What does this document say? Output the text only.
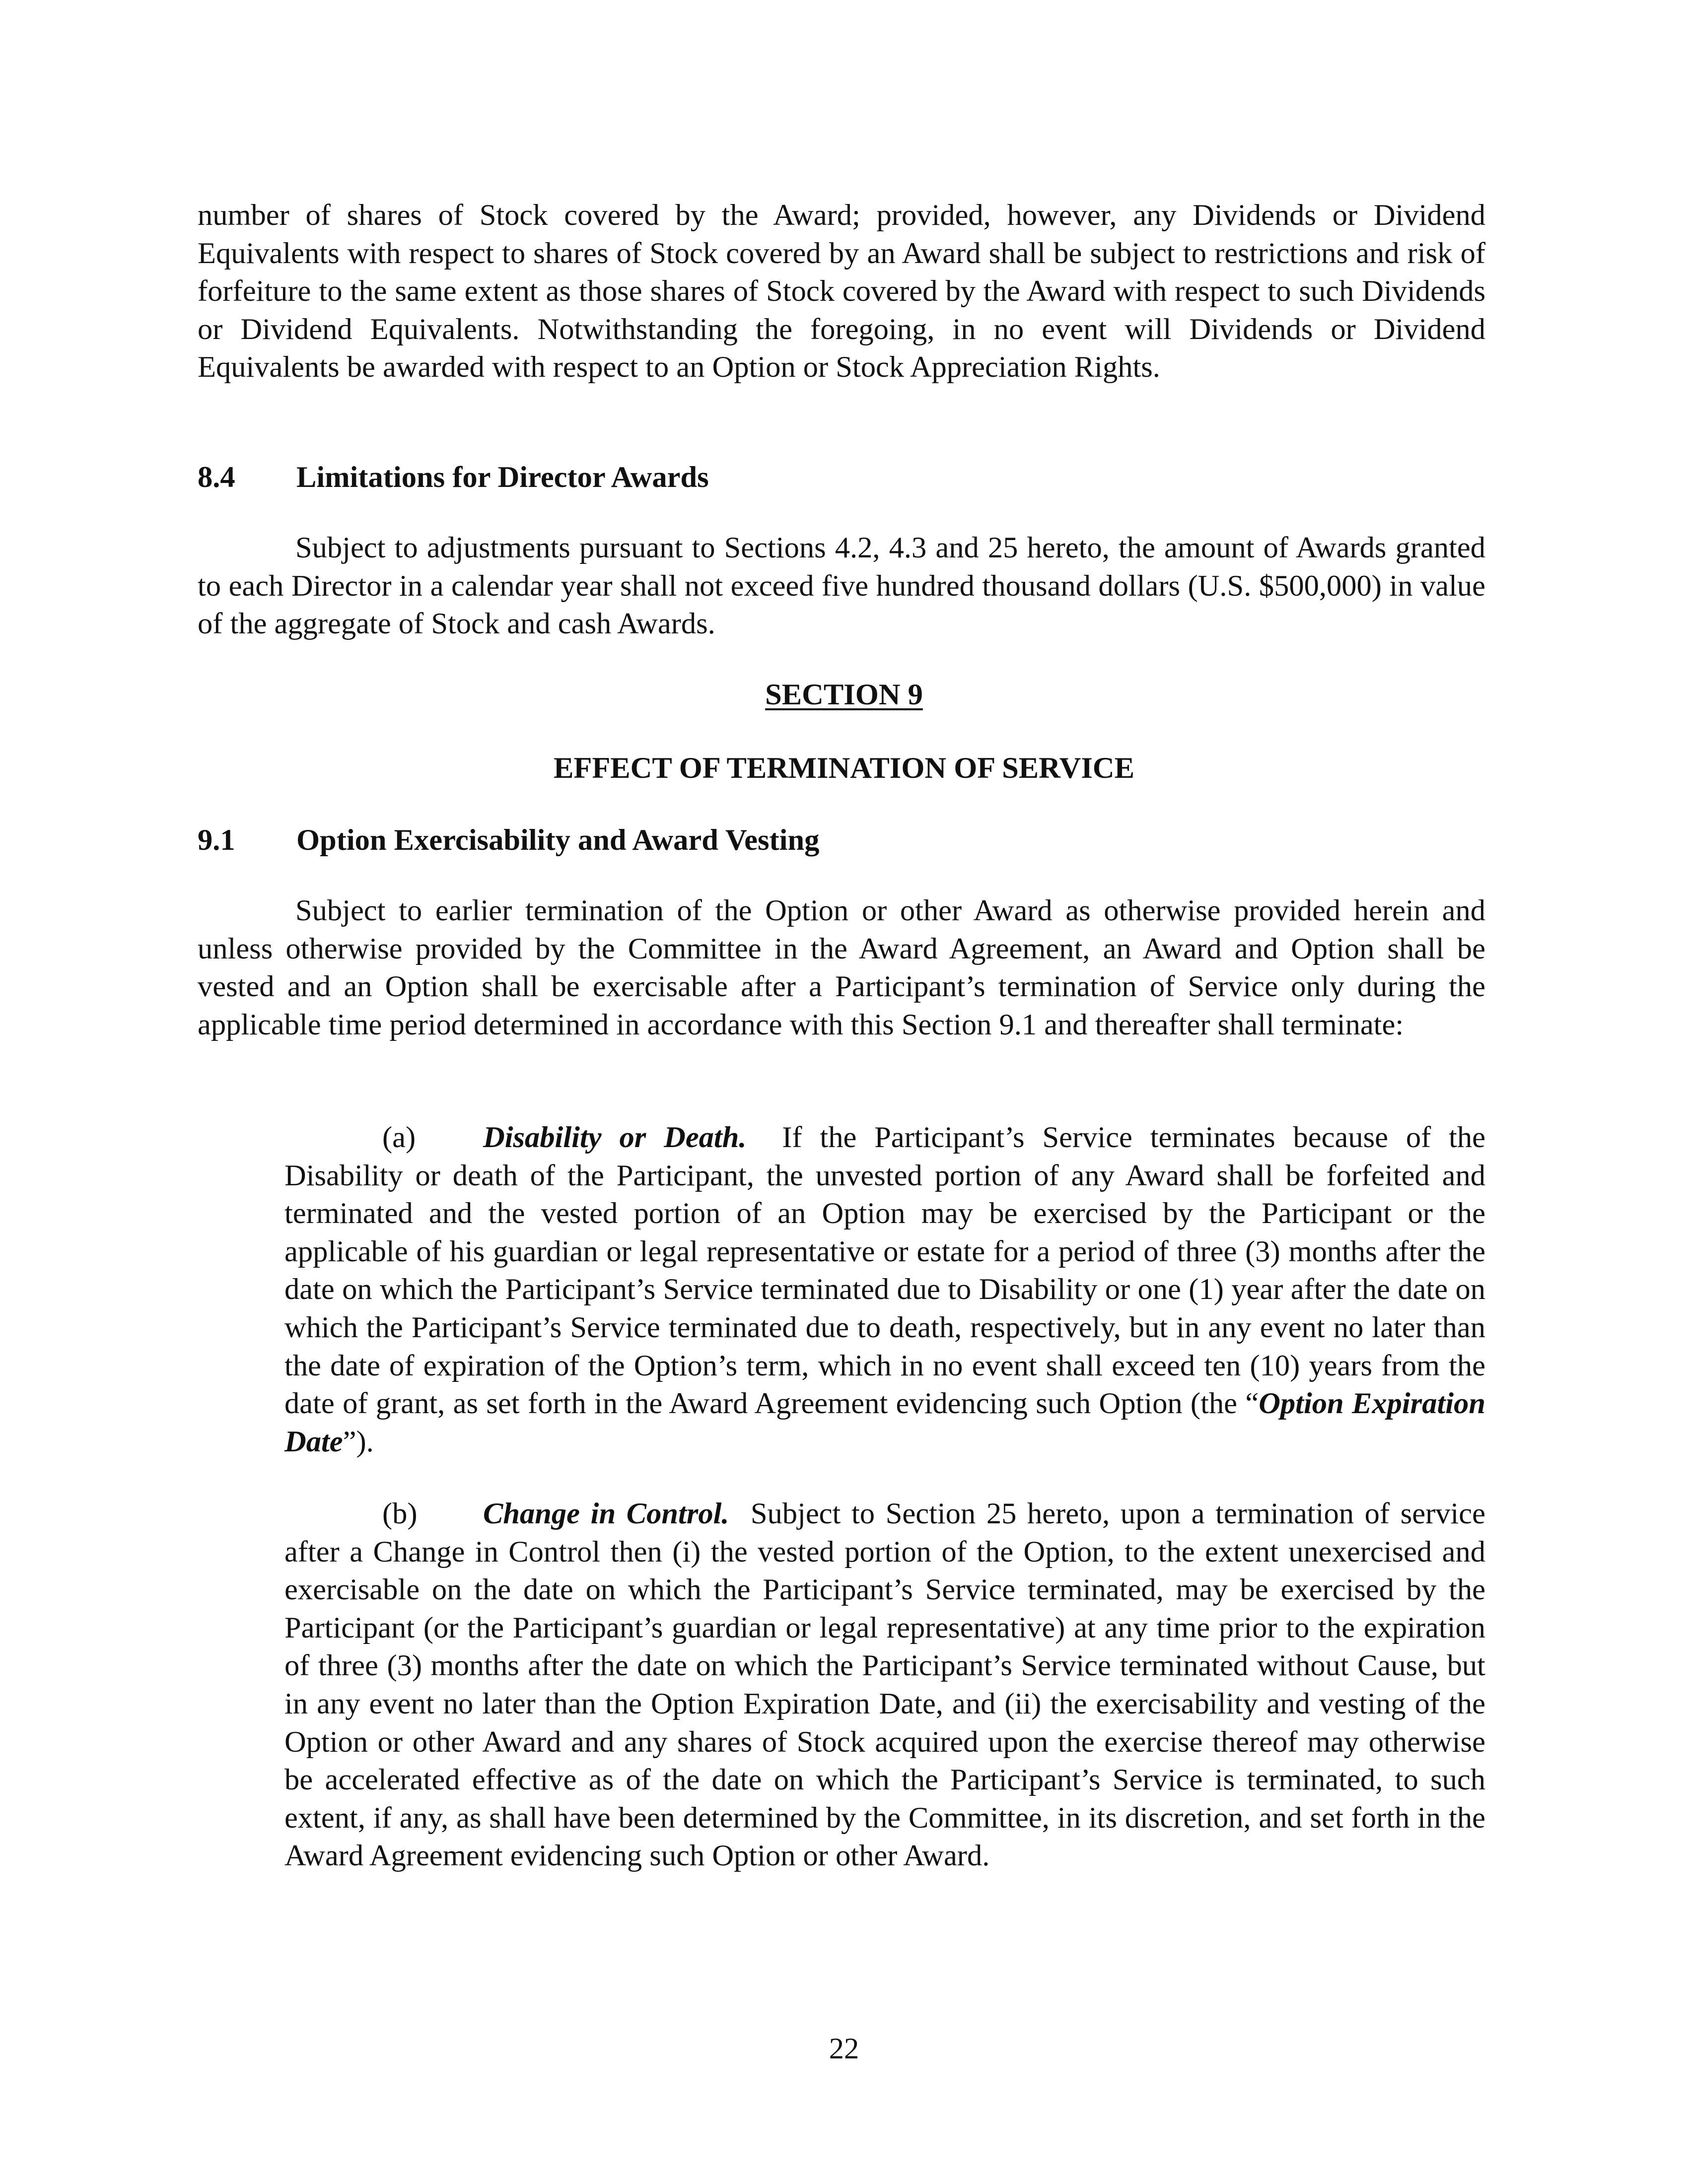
number of shares of Stock covered by the Award; provided, however, any Dividends or Dividend Equivalents with respect to shares of Stock covered by an Award shall be subject to restrictions and risk of forfeiture to the same extent as those shares of Stock covered by the Award with respect to such Dividends or Dividend Equivalents. Notwithstanding the foregoing, in no event will Dividends or Dividend Equivalents be awarded with respect to an Option or Stock Appreciation Rights.

8.4 Limitations for Director Awards

Subject to adjustments pursuant to Sections 4.2, 4.3 and 25 hereto, the amount of Awards granted to each Director in a calendar year shall not exceed five hundred thousand dollars (U.S. $500,000) in value of the aggregate of Stock and cash Awards.

SECTION 9
EFFECT OF TERMINATION OF SERVICE
9.1 Option Exercisability and Award Vesting

Subject to earlier termination of the Option or other Award as otherwise provided herein and unless otherwise provided by the Committee in the Award Agreement, an Award and Option shall be vested and an Option shall be exercisable after a Participant’s termination of Service only during the applicable time period determined in accordance with this Section 9.1 and thereafter shall terminate:

(a) Disability or Death. If the Participant’s Service terminates because of the Disability or death of the Participant, the unvested portion of any Award shall be forfeited and terminated and the vested portion of an Option may be exercised by the Participant or the applicable of his guardian or legal representative or estate for a period of three (3) months after the date on which the Participant’s Service terminated due to Disability or one (1) year after the date on which the Participant’s Service terminated due to death, respectively, but in any event no later than the date of expiration of the Option’s term, which in no event shall exceed ten (10) years from the date of grant, as set forth in the Award Agreement evidencing such Option (the “Option Expiration Date”).

(b) Change in Control. Subject to Section 25 hereto, upon a termination of service after a Change in Control then (i) the vested portion of the Option, to the extent unexercised and exercisable on the date on which the Participant’s Service terminated, may be exercised by the Participant (or the Participant’s guardian or legal representative) at any time prior to the expiration of three (3) months after the date on which the Participant’s Service terminated without Cause, but in any event no later than the Option Expiration Date, and (ii) the exercisability and vesting of the Option or other Award and any shares of Stock acquired upon the exercise thereof may otherwise be accelerated effective as of the date on which the Participant’s Service is terminated, to such extent, if any, as shall have been determined by the Committee, in its discretion, and set forth in the Award Agreement evidencing such Option or other Award.

22
